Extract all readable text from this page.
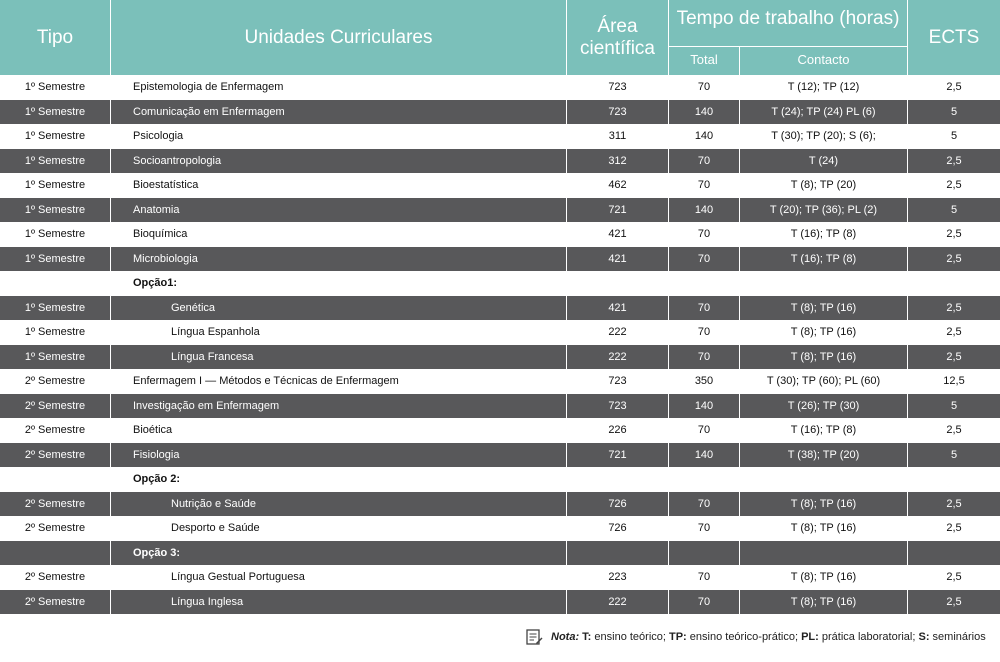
Tipo	Unidades Curriculares
Área
científica
Tempo de trabalho (horas)
Total	Contacto
ECTS
1º Semestre	Epistemologia de Enfermagem	723	70	T (12); TP (12)	2,5
1º Semestre	Comunicação em Enfermagem	723	140	T (24); TP (24) PL (6)	5
1º Semestre	Psicologia	311	140	T (30); TP (20); S (6);	5
1º Semestre	Socioantropologia	312	70	T (24)	2,5
1º Semestre	Bioestatística	462	70	T (8); TP (20)	2,5
1º Semestre	Anatomia	721	140	T (20); TP (36); PL (2)	5
1º Semestre	Bioquímica	421	70	T (16); TP (8)	2,5
1º Semestre	Microbiologia	421	70	T (16); TP (8)	2,5
Opção1:
1º Semestre	Genética	421	70	T (8); TP (16)	2,5
1º Semestre	Língua Espanhola	222	70	T (8); TP (16)	2,5
1º Semestre	Língua Francesa	222	70	T (8); TP (16)	2,5
2º Semestre	Enfermagem I — Métodos e Técnicas de Enfermagem	723	350	T (30); TP (60); PL (60)	12,5
2º Semestre	Investigação em Enfermagem	723	140	T (26); TP (30)	5
2º Semestre	Bioética	226	70	T (16); TP (8)	2,5
2º Semestre	Fisiologia	721	140	T (38); TP (20)	5
Opção 2:
2º Semestre	Nutrição e Saúde	726	70	T (8); TP (16)	2,5
2º Semestre	Desporto e Saúde	726	70	T (8); TP (16)	2,5
Opção 3:
2º Semestre	Língua Gestual Portuguesa	223	70	T (8); TP (16)	2,5
2º Semestre	Língua Inglesa	222	70	T (8); TP (16)	2,5
Nota: T: ensino teórico; TP: ensino teórico-prático; PL: prática laboratorial; S: seminários
